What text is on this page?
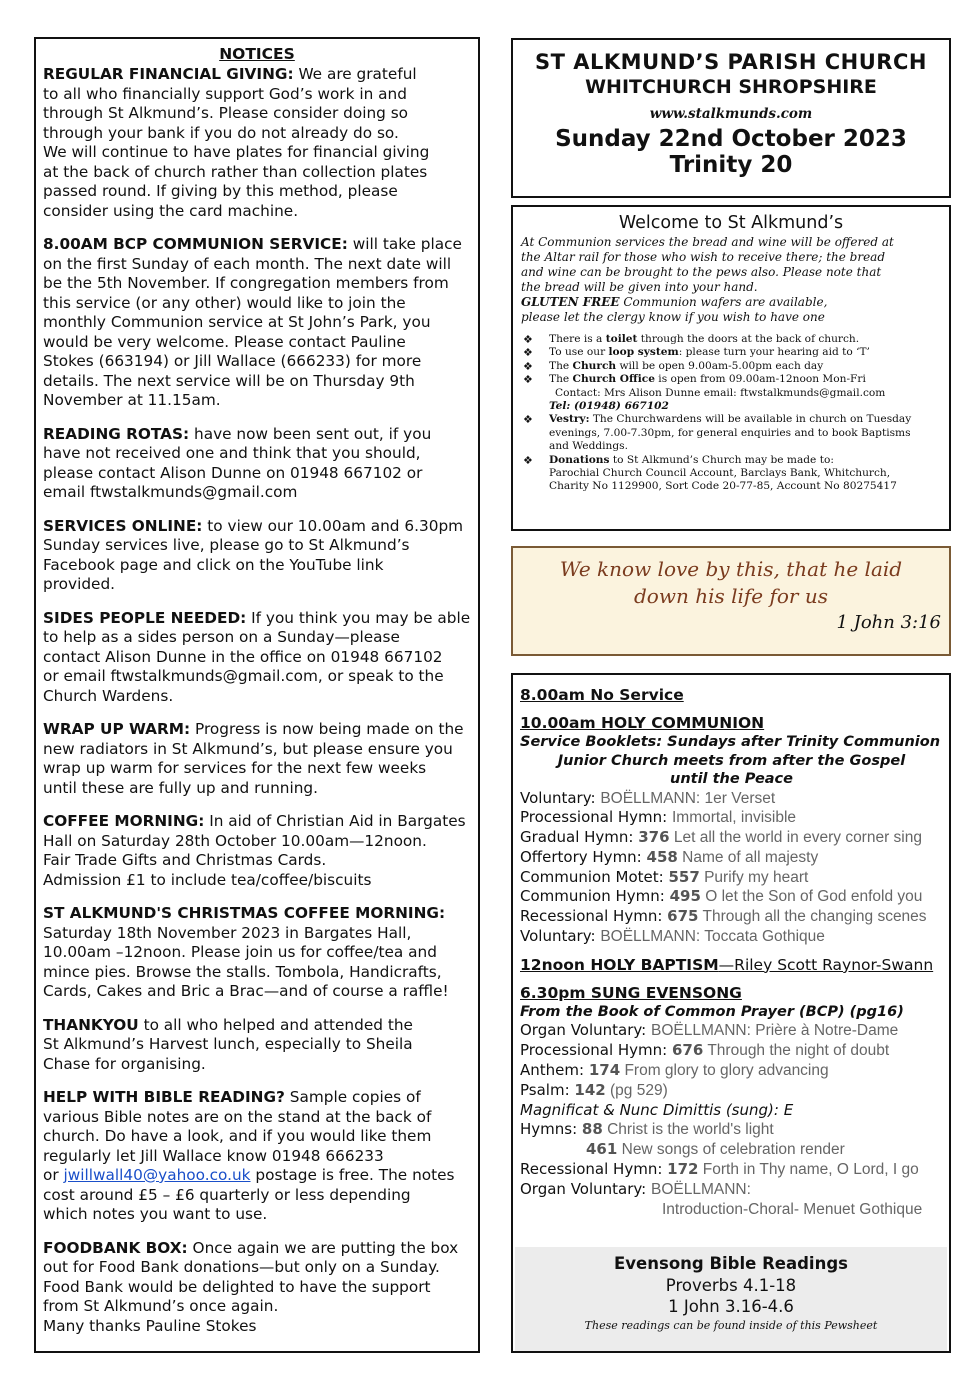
NOTICES
REGULAR FINANCIAL GIVING: We are grateful
to all who financially support God’s work in and
through St Alkmund’s. Please consider doing so
through your bank if you do not already do so.
We will continue to have plates for financial giving
at the back of church rather than collection plates
passed round. If giving by this method, please
consider using the card machine.
8.00AM BCP COMMUNION SERVICE: will take place
on the first Sunday of each month. The next date will
be the 5th November. If congregation members from
this service (or any other) would like to join the
monthly Communion service at St John’s Park, you
would be very welcome. Please contact Pauline
Stokes (663194) or Jill Wallace (666233) for more
details. The next service will be on Thursday 9th
November at 11.15am.
READING ROTAS: have now been sent out, if you
have not received one and think that you should,
please contact Alison Dunne on 01948 667102 or
email ftwstalkmunds@gmail.com
SERVICES ONLINE: to view our 10.00am and 6.30pm
Sunday services live, please go to St Alkmund’s
Facebook page and click on the YouTube link
provided.
SIDES PEOPLE NEEDED: If you think you may be able
to help as a sides person on a Sunday—please
contact Alison Dunne in the office on 01948 667102
or email ftwstalkmunds@gmail.com, or speak to the
Church Wardens.
WRAP UP WARM: Progress is now being made on the
new radiators in St Alkmund’s, but please ensure you
wrap up warm for services for the next few weeks
until these are fully up and running.
COFFEE MORNING: In aid of Christian Aid in Bargates
Hall on Saturday 28th October 10.00am—12noon.
Fair Trade Gifts and Christmas Cards.
Admission £1 to include tea/coffee/biscuits
ST ALKMUND'S CHRISTMAS COFFEE MORNING:
Saturday 18th November 2023 in Bargates Hall,
10.00am –12noon. Please join us for coffee/tea and
mince pies. Browse the stalls. Tombola, Handicrafts,
Cards, Cakes and Bric a Brac—and of course a raffle!
THANKYOU to all who helped and attended the
St Alkmund’s Harvest lunch, especially to Sheila
Chase for organising.
HELP WITH BIBLE READING? Sample copies of
various Bible notes are on the stand at the back of
church. Do have a look, and if you would like them
regularly let Jill Wallace know 01948 666233
or jwillwall40@yahoo.co.uk postage is free. The notes
cost around £5 – £6 quarterly or less depending
which notes you want to use.
FOODBANK BOX: Once again we are putting the box
out for Food Bank donations—but only on a Sunday.
Food Bank would be delighted to have the support
from St Alkmund’s once again.
Many thanks Pauline Stokes
ST ALKMUND’S PARISH CHURCH
WHITCHURCH SHROPSHIRE
www.stalkmunds.com
Sunday 22nd October 2023
Trinity 20
Welcome to St Alkmund’s
At Communion services the bread and wine will be offered at
the Altar rail for those who wish to receive there; the bread
and wine can be brought to the pews also. Please note that
the bread will be given into your hand.
GLUTEN FREE Communion wafers are available,
please let the clergy know if you wish to have one
❖ There is a toilet through the doors at the back of church.
❖ To use our loop system: please turn your hearing aid to ‘T’
❖ The Church will be open 9.00am-5.00pm each day
❖ The Church Office is open from 09.00am-12noon Mon-Fri
Contact: Mrs Alison Dunne email: ftwstalkmunds@gmail.com
Tel: (01948) 667102
❖ Vestry: The Churchwardens will be available in church on Tuesday
evenings, 7.00-7.30pm, for general enquiries and to book Baptisms
and Weddings.
❖ Donations to St Alkmund’s Church may be made to:
Parochial Church Council Account, Barclays Bank, Whitchurch,
Charity No 1129900, Sort Code 20-77-85, Account No 80275417
We know love by this, that he laid
down his life for us
1 John 3:16
8.00am No Service
10.00am HOLY COMMUNION
Service Booklets: Sundays after Trinity Communion
Junior Church meets from after the Gospel
until the Peace
Voluntary: BOËLLMANN: 1er Verset
Processional Hymn: Immortal, invisible
Gradual Hymn: 376 Let all the world in every corner sing
Offertory Hymn: 458 Name of all majesty
Communion Motet: 557 Purify my heart
Communion Hymn: 495 O let the Son of God enfold you
Recessional Hymn: 675 Through all the changing scenes
Voluntary: BOËLLMANN: Toccata Gothique
12noon HOLY BAPTISM—Riley Scott Raynor-Swann
6.30pm SUNG EVENSONG
From the Book of Common Prayer (BCP) (pg16)
Organ Voluntary: BOËLLMANN: Prière à Notre-Dame
Processional Hymn: 676 Through the night of doubt
Anthem: 174 From glory to glory advancing
Psalm: 142 (pg 529)
Magnificat & Nunc Dimittis (sung): E
Hymns: 88 Christ is the world's light
461 New songs of celebration render
Recessional Hymn: 172 Forth in Thy name, O Lord, I go
Organ Voluntary: BOËLLMANN:
Introduction-Choral- Menuet Gothique
Evensong Bible Readings
Proverbs 4.1-18
1 John 3.16-4.6
These readings can be found inside of this Pewsheet
